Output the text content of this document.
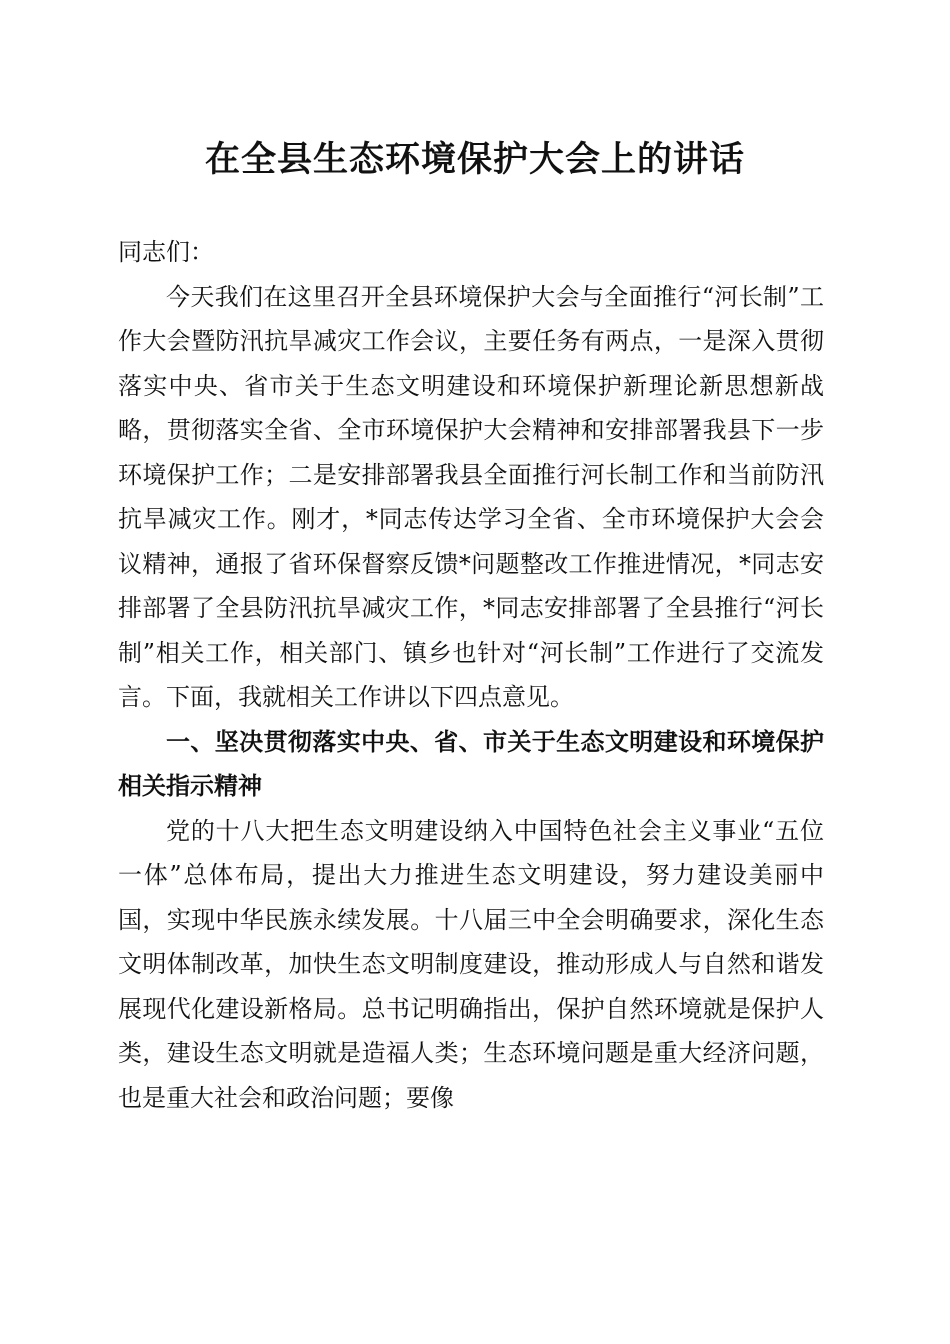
在全县生态环境保护大会上的讲话

同志们：

今天我们在这里召开全县环境保护大会与全面推行“河长制”工作大会暨防汛抗旱减灾工作会议，主要任务有两点，一是深入贯彻落实中央、省市关于生态文明建设和环境保护新理论新思想新战略，贯彻落实全省、全市环境保护大会精神和安排部署我县下一步环境保护工作；二是安排部署我县全面推行河长制工作和当前防汛抗旱减灾工作。刚才，*同志传达学习全省、全市环境保护大会会议精神，通报了省环保督察反馈*问题整改工作推进情况，*同志安排部署了全县防汛抗旱减灾工作，*同志安排部署了全县推行“河长制”相关工作，相关部门、镇乡也针对“河长制”工作进行了交流发言。下面，我就相关工作讲以下四点意见。

一、坚决贯彻落实中央、省、市关于生态文明建设和环境保护相关指示精神

党的十八大把生态文明建设纳入中国特色社会主义事业“五位一体”总体布局，提出大力推进生态文明建设，努力建设美丽中国，实现中华民族永续发展。十八届三中全会明确要求，深化生态文明体制改革，加快生态文明制度建设，推动形成人与自然和谐发展现代化建设新格局。总书记明确指出，保护自然环境就是保护人类，建设生态文明就是造福人类；生态环境问题是重大经济问题，也是重大社会和政治问题；要像
